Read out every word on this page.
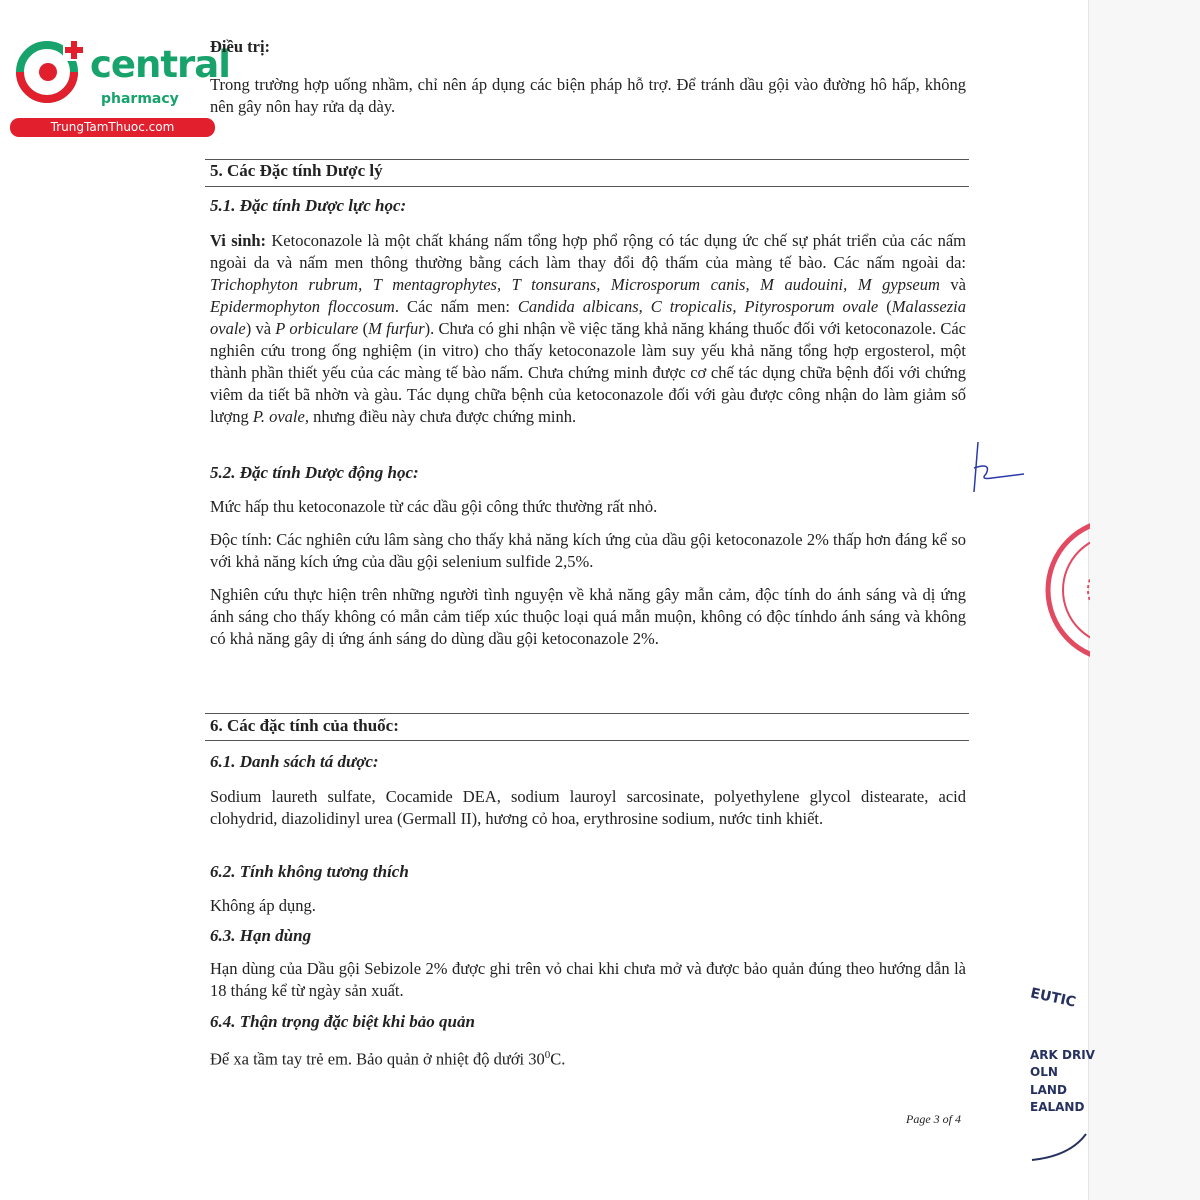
central
pharmacy
TrungTamThuoc.com
Điều trị:
Trong trường hợp uống nhầm, chỉ nên áp dụng các biện pháp hỗ trợ. Để tránh dầu gội vào đường hô hấp, không nên gây nôn hay rửa dạ dày.
5. Các Đặc tính Dược lý
5.1. Đặc tính Dược lực học:
Vi sinh: Ketoconazole là một chất kháng nấm tổng hợp phổ rộng có tác dụng ức chế sự phát triển của các nấm ngoài da và nấm men thông thường bằng cách làm thay đổi độ thấm của màng tế bào. Các nấm ngoài da: Trichophyton rubrum, T mentagrophytes, T tonsurans, Microsporum canis, M audouini, M gypseum và Epidermophyton floccosum. Các nấm men: Candida albicans, C tropicalis, Pityrosporum ovale (Malassezia ovale) và P orbiculare (M furfur). Chưa có ghi nhận về việc tăng khả năng kháng thuốc đối với ketoconazole. Các nghiên cứu trong ống nghiệm (in vitro) cho thấy ketoconazole làm suy yếu khả năng tổng hợp ergosterol, một thành phần thiết yếu của các màng tế bào nấm. Chưa chứng minh được cơ chế tác dụng chữa bệnh đối với chứng viêm da tiết bã nhờn và gàu. Tác dụng chữa bệnh của ketoconazole đối với gàu được công nhận do làm giảm số lượng P. ovale, nhưng điều này chưa được chứng minh.
5.2. Đặc tính Dược động học:
Mức hấp thu ketoconazole từ các dầu gội công thức thường rất nhỏ.
Độc tính: Các nghiên cứu lâm sàng cho thấy khả năng kích ứng của dầu gội ketoconazole 2% thấp hơn đáng kể so với khả năng kích ứng của dầu gội selenium sulfide 2,5%.
Nghiên cứu thực hiện trên những người tình nguyện về khả năng gây mẫn cảm, độc tính do ánh sáng và dị ứng ánh sáng cho thấy không có mẫn cảm tiếp xúc thuộc loại quá mẫn muộn, không có độc tínhdo ánh sáng và không có khả năng gây dị ứng ánh sáng do dùng dầu gội ketoconazole 2%.
6. Các đặc tính của thuốc:
6.1. Danh sách tá dược:
Sodium laureth sulfate, Cocamide DEA, sodium lauroyl sarcosinate, polyethylene glycol distearate, acid clohydrid, diazolidinyl urea (Germall II), hương cỏ hoa, erythrosine sodium, nước tinh khiết.
6.2. Tính không tương thích
Không áp dụng.
6.3. Hạn dùng
Hạn dùng của Dầu gội Sebizole 2% được ghi trên vỏ chai khi chưa mở và được bảo quản đúng theo hướng dẫn là 18 tháng kể từ ngày sản xuất.
6.4. Thận trọng đặc biệt khi bảo quản
Để xa tầm tay trẻ em. Bảo quản ở nhiệt độ dưới $30^0C$.
Page 3 of 4
EUTIC
ARK DRIV
OLN
LAND
EALAND
